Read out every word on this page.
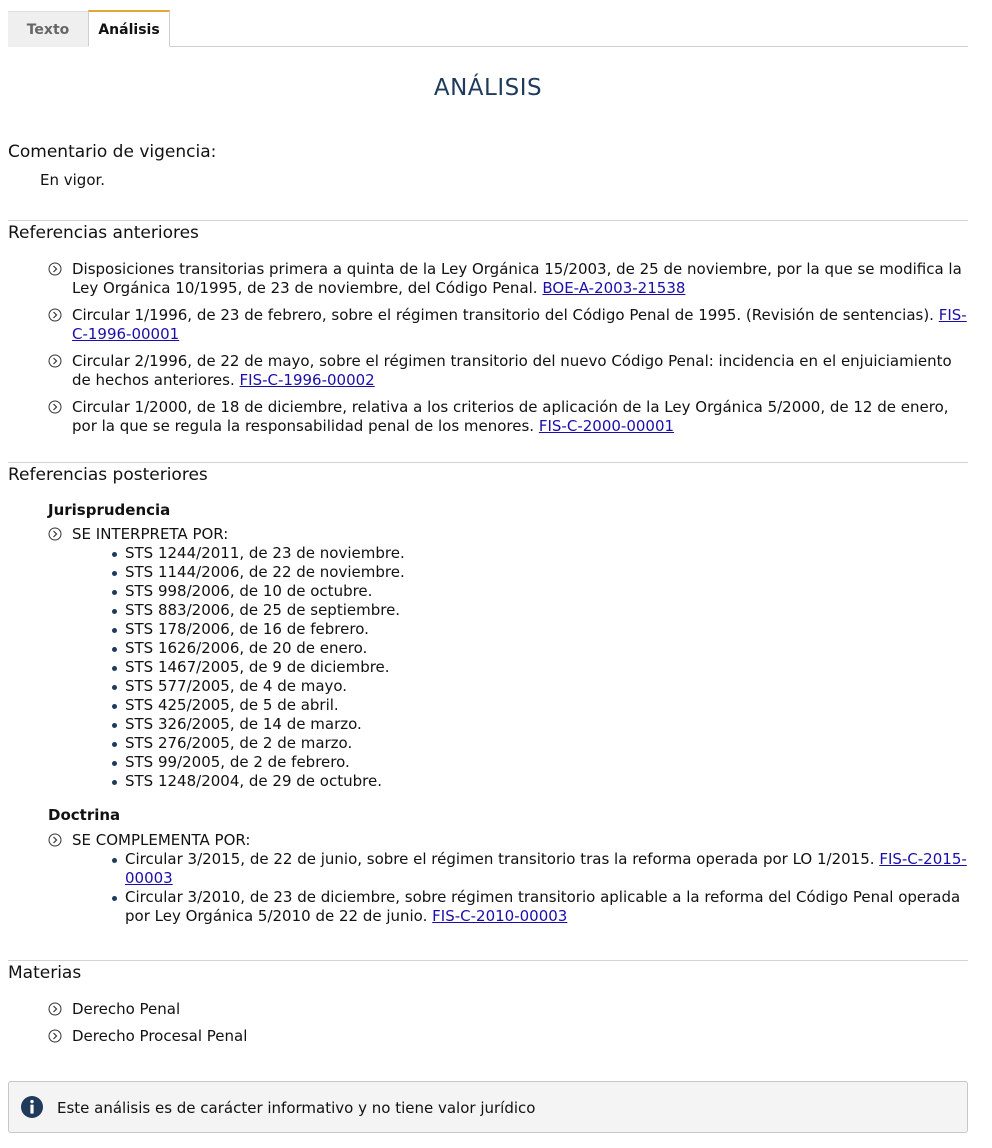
Texto	Análisis
ANÁLISIS
Comentario de vigencia:
En vigor.
Referencias anteriores
Disposiciones transitorias primera a quinta de la Ley Orgánica 15/2003, de 25 de noviembre, por la que se modifica la Ley Orgánica 10/1995, de 23 de noviembre, del Código Penal. BOE-A-2003-21538
Circular 1/1996, de 23 de febrero, sobre el régimen transitorio del Código Penal de 1995. (Revisión de sentencias). FIS-C-1996-00001
Circular 2/1996, de 22 de mayo, sobre el régimen transitorio del nuevo Código Penal: incidencia en el enjuiciamiento de hechos anteriores. FIS-C-1996-00002
Circular 1/2000, de 18 de diciembre, relativa a los criterios de aplicación de la Ley Orgánica 5/2000, de 12 de enero, por la que se regula la responsabilidad penal de los menores. FIS-C-2000-00001
Referencias posteriores
Jurisprudencia
SE INTERPRETA POR:
STS 1244/2011, de 23 de noviembre.
STS 1144/2006, de 22 de noviembre.
STS 998/2006, de 10 de octubre.
STS 883/2006, de 25 de septiembre.
STS 178/2006, de 16 de febrero.
STS 1626/2006, de 20 de enero.
STS 1467/2005, de 9 de diciembre.
STS 577/2005, de 4 de mayo.
STS 425/2005, de 5 de abril.
STS 326/2005, de 14 de marzo.
STS 276/2005, de 2 de marzo.
STS 99/2005, de 2 de febrero.
STS 1248/2004, de 29 de octubre.
Doctrina
SE COMPLEMENTA POR:
Circular 3/2015, de 22 de junio, sobre el régimen transitorio tras la reforma operada por LO 1/2015. FIS-C-2015-00003
Circular 3/2010, de 23 de diciembre, sobre régimen transitorio aplicable a la reforma del Código Penal operada por Ley Orgánica 5/2010 de 22 de junio. FIS-C-2010-00003
Materias
Derecho Penal
Derecho Procesal Penal
Este análisis es de carácter informativo y no tiene valor jurídico
